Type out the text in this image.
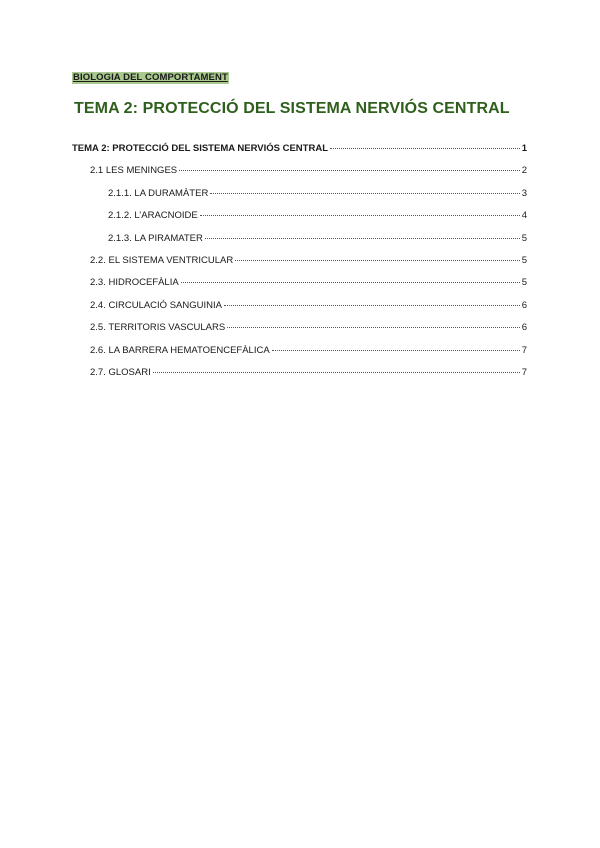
BIOLOGIA DEL COMPORTAMENT
TEMA 2: PROTECCIÓ DEL SISTEMA NERVIÓS CENTRAL
TEMA 2: PROTECCIÓ DEL SISTEMA NERVIÓS CENTRAL	1
2.1 LES MENINGES	2
2.1.1. LA DURAMÀTER	3
2.1.2. L’ARACNOIDE	4
2.1.3. LA PIRAMATER	5
2.2. EL SISTEMA VENTRICULAR	5
2.3. HIDROCEFÀLIA	5
2.4. CIRCULACIÓ SANGUINIA	6
2.5. TERRITORIS VASCULARS	6
2.6. LA BARRERA HEMATOENCEFÀLICA	7
2.7. GLOSARI	7
